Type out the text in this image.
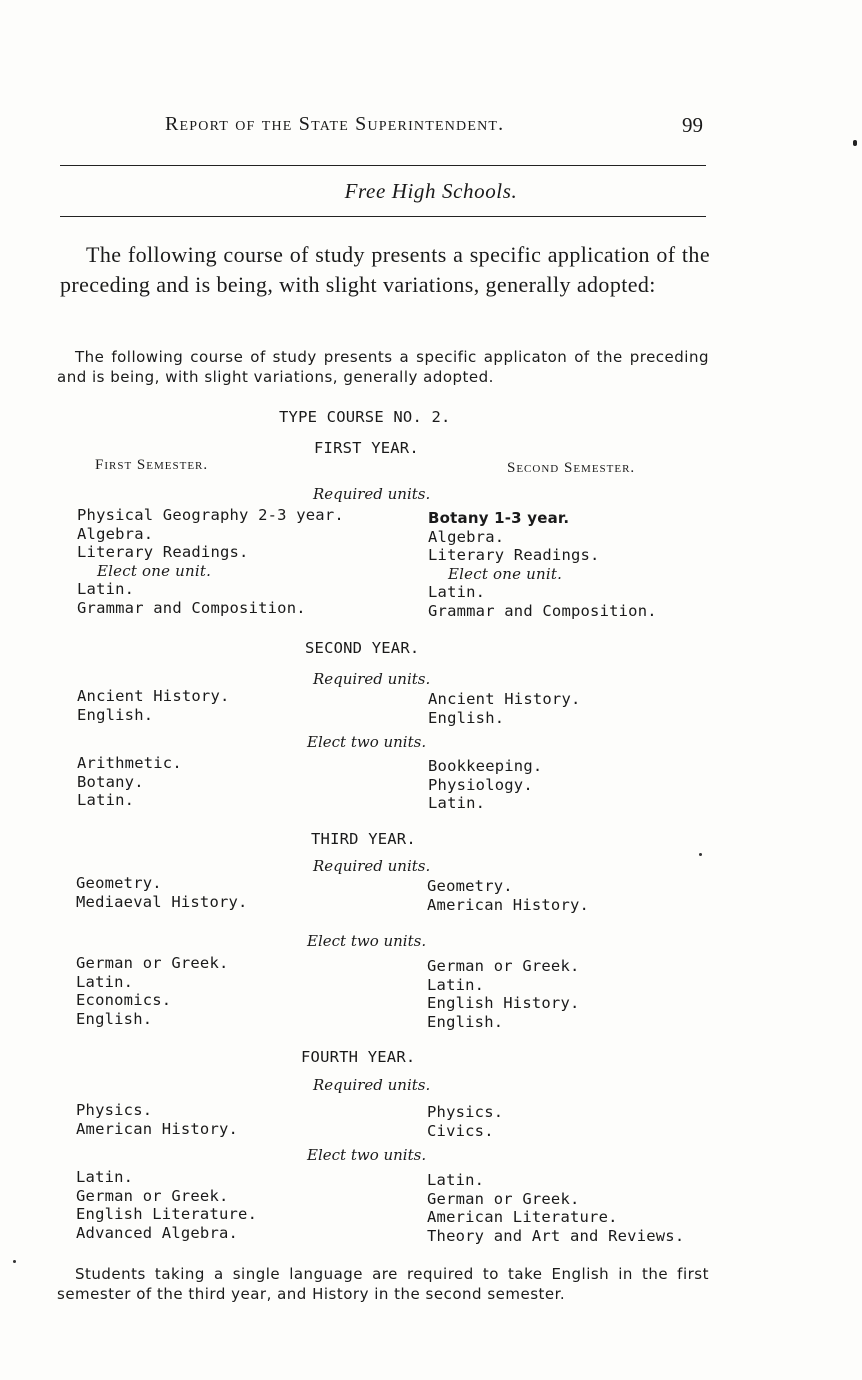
Report of the State Superintendent.	99
Free High Schools.
The following course of study presents a specific application of the preceding and is being, with slight variations, generally adopted:
The following course of study presents a specific applicaton of the preceding and is being, with slight variations, generally adopted.
TYPE COURSE NO. 2.
FIRST YEAR.
First Semester.	Second Semester.
Required units.
Physical Geography 2-3 year.
Algebra.
Literary Readings.
Elect one unit.
Latin.
Grammar and Composition.
Botany 1-3 year.
Algebra.
Literary Readings.
Elect one unit.
Latin.
Grammar and Composition.
SECOND YEAR.
Required units.
Ancient History.
English.
Ancient History.
English.
Elect two units.
Arithmetic.
Botany.
Latin.
Bookkeeping.
Physiology.
Latin.
THIRD YEAR.
Required units.
Geometry.
Mediaeval History.
Geometry.
American History.
Elect two units.
German or Greek.
Latin.
Economics.
English.
German or Greek.
Latin.
English History.
English.
FOURTH YEAR.
Required units.
Physics.
American History.
Physics.
Civics.
Elect two units.
Latin.
German or Greek.
English Literature.
Advanced Algebra.
Latin.
German or Greek.
American Literature.
Theory and Art and Reviews.
Students taking a single language are required to take English in the first semester of the third year, and History in the second semester.
